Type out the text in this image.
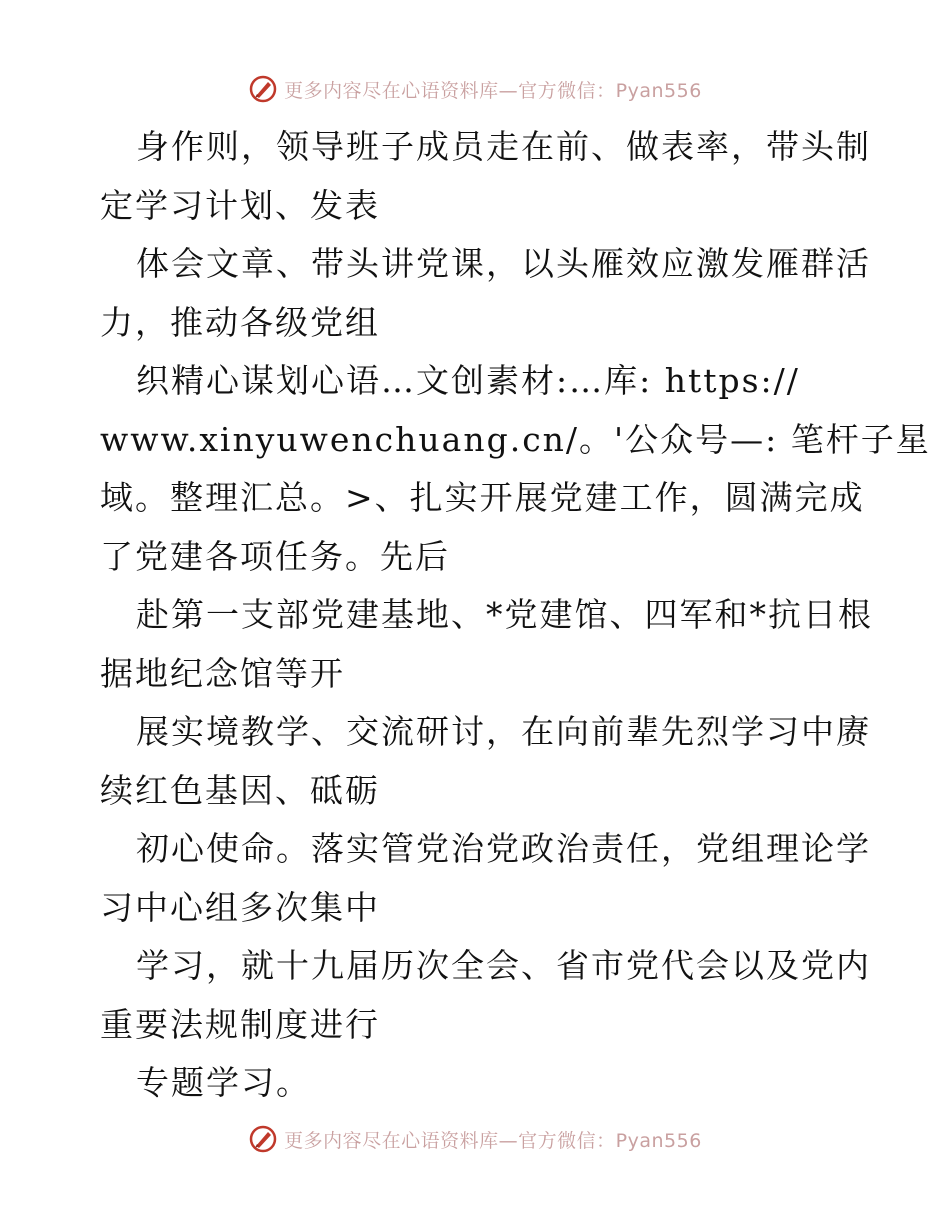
更多内容尽在心语资料库—官方微信：Pyan556
身作则，领导班子成员走在前、做表率，带头制
定学习计划、发表
体会文章、带头讲党课，以头雁效应激发雁群活
力，推动各级党组
织精心谋划心语…文创素材:…库: https://
www.xinyuwenchuang.cn/。'公众号—: 笔杆子星
域。整理汇总。>、扎实开展党建工作，圆满完成
了党建各项任务。先后
赴第一支部党建基地、*党建馆、四军和*抗日根
据地纪念馆等开
展实境教学、交流研讨，在向前辈先烈学习中赓
续红色基因、砥砺
初心使命。落实管党治党政治责任，党组理论学
习中心组多次集中
学习，就十九届历次全会、省市党代会以及党内
重要法规制度进行
专题学习。
更多内容尽在心语资料库—官方微信：Pyan556
